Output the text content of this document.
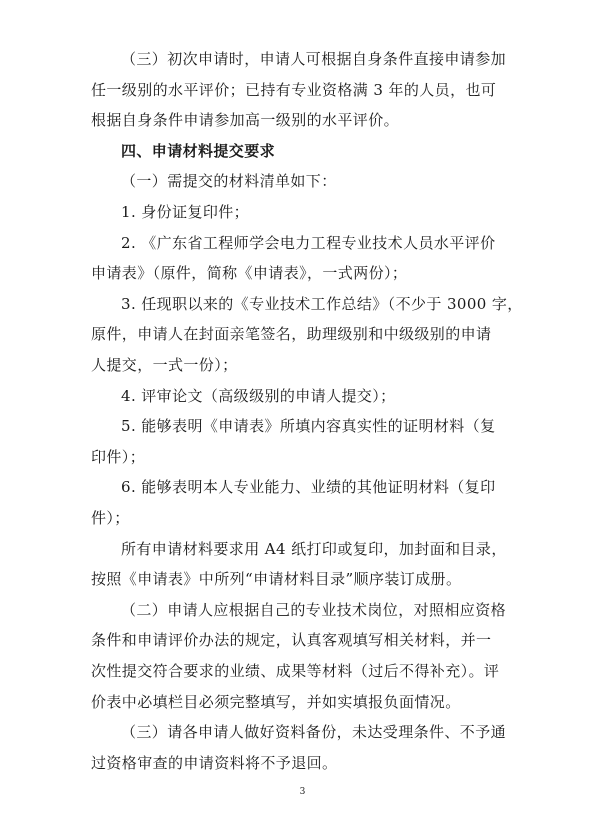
（三）初次申请时，申请人可根据自身条件直接申请参加
任一级别的水平评价；已持有专业资格满 3 年的人员，也可
根据自身条件申请参加高一级别的水平评价。
四、申请材料提交要求
（一）需提交的材料清单如下：
1. 身份证复印件；
2. 《广东省工程师学会电力工程专业技术人员水平评价
申请表》（原件，简称《申请表》，一式两份）；
3. 任现职以来的《专业技术工作总结》（不少于 3000 字，
原件，申请人在封面亲笔签名，助理级别和中级级别的申请
人提交，一式一份）；
4. 评审论文（高级级别的申请人提交）；
5. 能够表明《申请表》所填内容真实性的证明材料（复
印件）；
6. 能够表明本人专业能力、业绩的其他证明材料（复印
件）；
所有申请材料要求用 A4 纸打印或复印，加封面和目录，
按照《申请表》中所列“申请材料目录”顺序装订成册。
（二）申请人应根据自己的专业技术岗位，对照相应资格
条件和申请评价办法的规定，认真客观填写相关材料，并一
次性提交符合要求的业绩、成果等材料（过后不得补充）。评
价表中必填栏目必须完整填写，并如实填报负面情况。
（三）请各申请人做好资料备份，未达受理条件、不予通
过资格审查的申请资料将不予退回。
3
